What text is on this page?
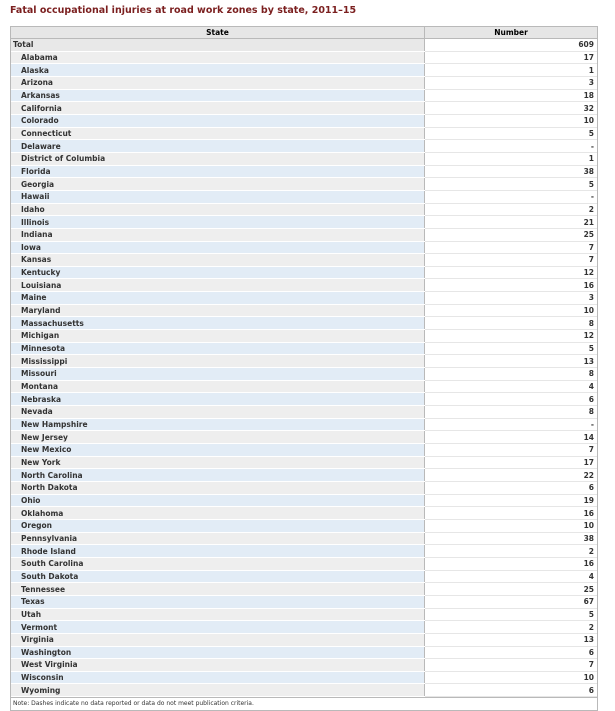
Fatal occupational injuries at road work zones by state, 2011–15
State	Number
Total	609
Alabama	17
Alaska	1
Arizona	3
Arkansas	18
California	32
Colorado	10
Connecticut	5
Delaware	-
District of Columbia	1
Florida	38
Georgia	5
Hawaii	-
Idaho	2
Illinois	21
Indiana	25
Iowa	7
Kansas	7
Kentucky	12
Louisiana	16
Maine	3
Maryland	10
Massachusetts	8
Michigan	12
Minnesota	5
Mississippi	13
Missouri	8
Montana	4
Nebraska	6
Nevada	8
New Hampshire	-
New Jersey	14
New Mexico	7
New York	17
North Carolina	22
North Dakota	6
Ohio	19
Oklahoma	16
Oregon	10
Pennsylvania	38
Rhode Island	2
South Carolina	16
South Dakota	4
Tennessee	25
Texas	67
Utah	5
Vermont	2
Virginia	13
Washington	6
West Virginia	7
Wisconsin	10
Wyoming	6
Note: Dashes indicate no data reported or data do not meet publication criteria.
